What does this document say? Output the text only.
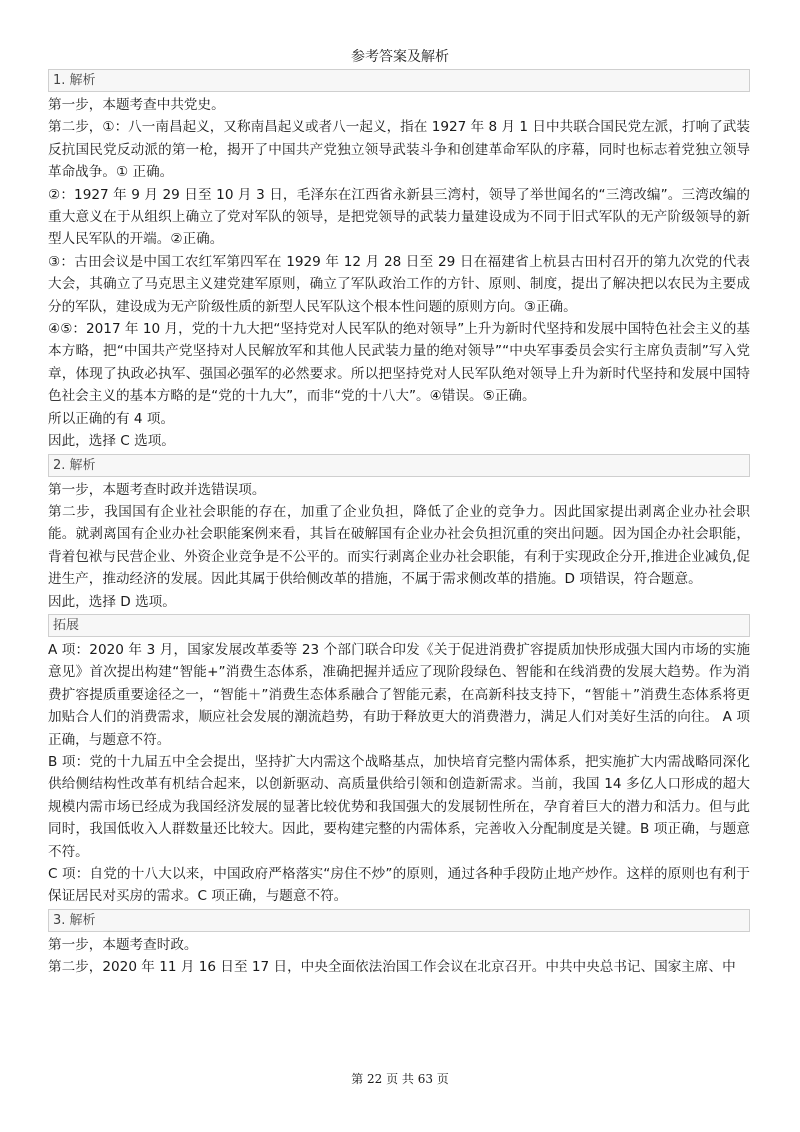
参考答案及解析
1. 解析

第一步，本题考查中共党史。

第二步，①：八一南昌起义，又称南昌起义或者八一起义，指在 1927 年 8 月 1 日中共联合国民党左派，打响了武装反抗国民党反动派的第一枪，揭开了中国共产党独立领导武装斗争和创建革命军队的序幕，同时也标志着党独立领导革命战争。① 正确。

②：1927 年 9 月 29 日至 10 月 3 日，毛泽东在江西省永新县三湾村，领导了举世闻名的“三湾改编”。三湾改编的重大意义在于从组织上确立了党对军队的领导，是把党领导的武装力量建设成为不同于旧式军队的无产阶级领导的新型人民军队的开端。②正确。

③：古田会议是中国工农红军第四军在 1929 年 12 月 28 日至 29 日在福建省上杭县古田村召开的第九次党的代表大会，其确立了马克思主义建党建军原则，确立了军队政治工作的方针、原则、制度，提出了解决把以农民为主要成分的军队，建设成为无产阶级性质的新型人民军队这个根本性问题的原则方向。③正确。

④⑤：2017 年 10 月，党的十九大把“坚持党对人民军队的绝对领导”上升为新时代坚持和发展中国特色社会主义的基本方略，把“中国共产党坚持对人民解放军和其他人民武装力量的绝对领导”“中央军事委员会实行主席负责制”写入党章，体现了执政必执军、强国必强军的必然要求。所以把坚持党对人民军队绝对领导上升为新时代坚持和发展中国特色社会主义的基本方略的是“党的十九大”，而非“党的十八大”。④错误。⑤正确。

所以正确的有 4 项。

因此，选择 C 选项。

2. 解析

第一步，本题考查时政并选错误项。

第二步，我国国有企业社会职能的存在，加重了企业负担，降低了企业的竞争力。因此国家提出剥离企业办社会职能。就剥离国有企业办社会职能案例来看，其旨在破解国有企业办社会负担沉重的突出问题。因为国企办社会职能，背着包袱与民营企业、外资企业竞争是不公平的。而实行剥离企业办社会职能，有利于实现政企分开,推进企业减负,促进生产，推动经济的发展。因此其属于供给侧改革的措施，不属于需求侧改革的措施。D 项错误，符合题意。

因此，选择 D 选项。

拓展

A 项：2020 年 3 月，国家发展改革委等 23 个部门联合印发《关于促进消费扩容提质加快形成强大国内市场的实施意见》首次提出构建“智能+”消费生态体系，准确把握并适应了现阶段绿色、智能和在线消费的发展大趋势。作为消费扩容提质重要途径之一，“智能＋”消费生态体系融合了智能元素，在高新科技支持下，“智能＋”消费生态体系将更加贴合人们的消费需求，顺应社会发展的潮流趋势，有助于释放更大的消费潜力，满足人们对美好生活的向往。 A 项正确，与题意不符。

B 项：党的十九届五中全会提出，坚持扩大内需这个战略基点，加快培育完整内需体系，把实施扩大内需战略同深化供给侧结构性改革有机结合起来，以创新驱动、高质量供给引领和创造新需求。当前，我国 14 多亿人口形成的超大规模内需市场已经成为我国经济发展的显著比较优势和我国强大的发展韧性所在，孕育着巨大的潜力和活力。但与此同时，我国低收入人群数量还比较大。因此，要构建完整的内需体系，完善收入分配制度是关键。B 项正确，与题意不符。

C 项：自党的十八大以来，中国政府严格落实“房住不炒”的原则，通过各种手段防止地产炒作。这样的原则也有利于保证居民对买房的需求。C 项正确，与题意不符。

3. 解析

第一步，本题考查时政。

第二步，2020 年 11 月 16 日至 17 日，中央全面依法治国工作会议在北京召开。中共中央总书记、国家主席、中

第 22 页 共 63 页
